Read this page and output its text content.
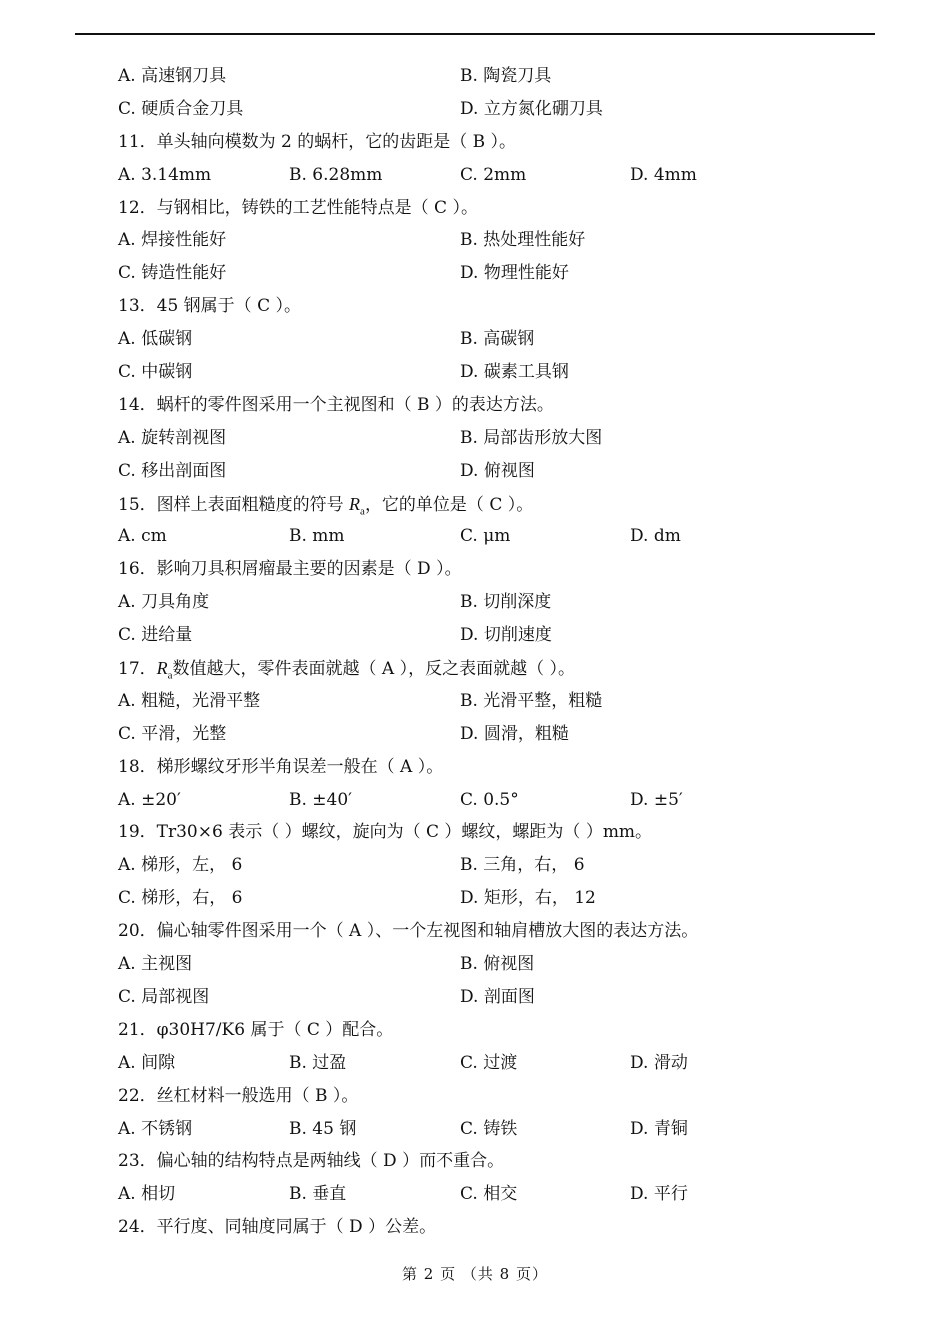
A. 高速钢刀具	B. 陶瓷刀具
C. 硬质合金刀具	D. 立方氮化硼刀具
11．单头轴向模数为 2 的蜗杆，它的齿距是（ B ）。
A. 3.14mm	B. 6.28mm	C. 2mm	D. 4mm
12．与钢相比，铸铁的工艺性能特点是（ C ）。
A. 焊接性能好	B. 热处理性能好
C. 铸造性能好	D. 物理性能好
13．45 钢属于（ C ）。
A. 低碳钢	B. 高碳钢
C. 中碳钢	D. 碳素工具钢
14．蜗杆的零件图采用一个主视图和（ B ）的表达方法。
A. 旋转剖视图	B. 局部齿形放大图
C. 移出剖面图	D. 俯视图
15．图样上表面粗糙度的符号 $R_a$，它的单位是（ C ）。
A. cm	B. mm	C. μm	D. dm
16．影响刀具积屑瘤最主要的因素是（ D ）。
A. 刀具角度	B. 切削深度
C. 进给量	D. 切削速度
17．$R_a$数值越大，零件表面就越（ A ），反之表面就越（ ）。
A. 粗糙，光滑平整	B. 光滑平整，粗糙
C. 平滑，光整	D. 圆滑，粗糙
18．梯形螺纹牙形半角误差一般在（ A ）。
A. ±20′	B. ±40′	C. 0.5°	D. ±5′
19．Tr30×6 表示（ ）螺纹，旋向为（ C ）螺纹，螺距为（ ）mm。
A. 梯形，左， 6	B. 三角，右， 6
C. 梯形，右， 6	D. 矩形，右， 12
20．偏心轴零件图采用一个（ A ）、一个左视图和轴肩槽放大图的表达方法。
A. 主视图	B. 俯视图
C. 局部视图	D. 剖面图
21．φ30H7/K6 属于（ C ）配合。
A. 间隙	B. 过盈	C. 过渡	D. 滑动
22．丝杠材料一般选用（ B ）。
A. 不锈钢	B. 45 钢	C. 铸铁	D. 青铜
23．偏心轴的结构特点是两轴线（ D ）而不重合。
A. 相切	B. 垂直	C. 相交	D. 平行
24．平行度、同轴度同属于（ D ）公差。
第 2 页 （共 8 页）
